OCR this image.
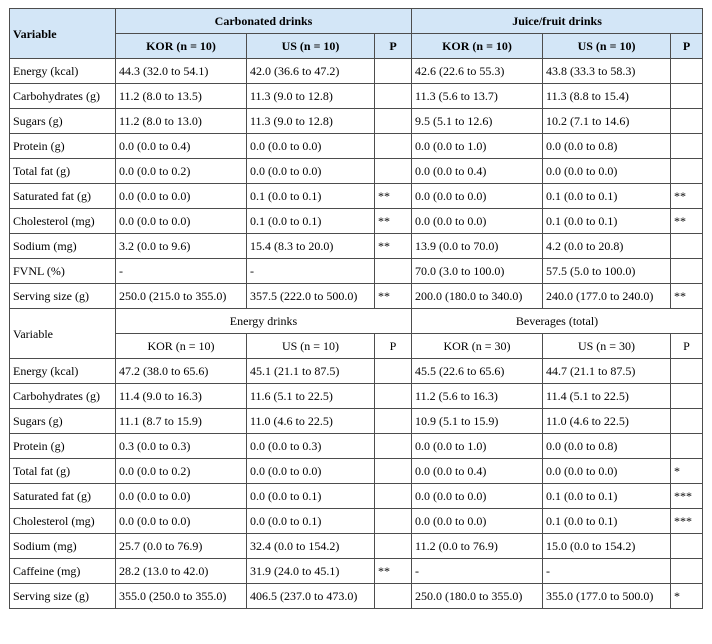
Variable	Carbonated drinks			Juice/fruit drinks		
	KOR (n = 10)	US (n = 10)	P	KOR (n = 10)	US (n = 10)	P
Energy (kcal)	44.3 (32.0 to 54.1)	42.0 (36.6 to 47.2)		42.6 (22.6 to 55.3)	43.8 (33.3 to 58.3)	
Carbohydrates (g)	11.2 (8.0 to 13.5)	11.3 (9.0 to 12.8)		11.3 (5.6 to 13.7)	11.3 (8.8 to 15.4)	
Sugars (g)	11.2 (8.0 to 13.0)	11.3 (9.0 to 12.8)		9.5 (5.1 to 12.6)	10.2 (7.1 to 14.6)	
Protein (g)	0.0 (0.0 to 0.4)	0.0 (0.0 to 0.0)		0.0 (0.0 to 1.0)	0.0 (0.0 to 0.8)	
Total fat (g)	0.0 (0.0 to 0.2)	0.0 (0.0 to 0.0)		0.0 (0.0 to 0.4)	0.0 (0.0 to 0.0)	
Saturated fat (g)	0.0 (0.0 to 0.0)	0.1 (0.0 to 0.1)	**	0.0 (0.0 to 0.0)	0.1 (0.0 to 0.1)	**
Cholesterol (mg)	0.0 (0.0 to 0.0)	0.1 (0.0 to 0.1)	**	0.0 (0.0 to 0.0)	0.1 (0.0 to 0.1)	**
Sodium (mg)	3.2 (0.0 to 9.6)	15.4 (8.3 to 20.0)	**	13.9 (0.0 to 70.0)	4.2 (0.0 to 20.8)	
FVNL (%)	-	-		70.0 (3.0 to 100.0)	57.5 (5.0 to 100.0)	
Serving size (g)	250.0 (215.0 to 355.0)	357.5 (222.0 to 500.0)	**	200.0 (180.0 to 340.0)	240.0 (177.0 to 240.0)	**
Variable	Energy drinks			Beverages (total)		
	KOR (n = 10)	US (n = 10)	P	KOR (n = 30)	US (n = 30)	P
Energy (kcal)	47.2 (38.0 to 65.6)	45.1 (21.1 to 87.5)		45.5 (22.6 to 65.6)	44.7 (21.1 to 87.5)	
Carbohydrates (g)	11.4 (9.0 to 16.3)	11.6 (5.1 to 22.5)		11.2 (5.6 to 16.3)	11.4 (5.1 to 22.5)	
Sugars (g)	11.1 (8.7 to 15.9)	11.0 (4.6 to 22.5)		10.9 (5.1 to 15.9)	11.0 (4.6 to 22.5)	
Protein (g)	0.3 (0.0 to 0.3)	0.0 (0.0 to 0.3)		0.0 (0.0 to 1.0)	0.0 (0.0 to 0.8)	
Total fat (g)	0.0 (0.0 to 0.2)	0.0 (0.0 to 0.0)		0.0 (0.0 to 0.4)	0.0 (0.0 to 0.0)	*
Saturated fat (g)	0.0 (0.0 to 0.0)	0.0 (0.0 to 0.1)		0.0 (0.0 to 0.0)	0.1 (0.0 to 0.1)	***
Cholesterol (mg)	0.0 (0.0 to 0.0)	0.0 (0.0 to 0.1)		0.0 (0.0 to 0.0)	0.1 (0.0 to 0.1)	***
Sodium (mg)	25.7 (0.0 to 76.9)	32.4 (0.0 to 154.2)		11.2 (0.0 to 76.9)	15.0 (0.0 to 154.2)	
Caffeine (mg)	28.2 (13.0 to 42.0)	31.9 (24.0 to 45.1)	**	-	-	
Serving size (g)	355.0 (250.0 to 355.0)	406.5 (237.0 to 473.0)		250.0 (180.0 to 355.0)	355.0 (177.0 to 500.0)	*
